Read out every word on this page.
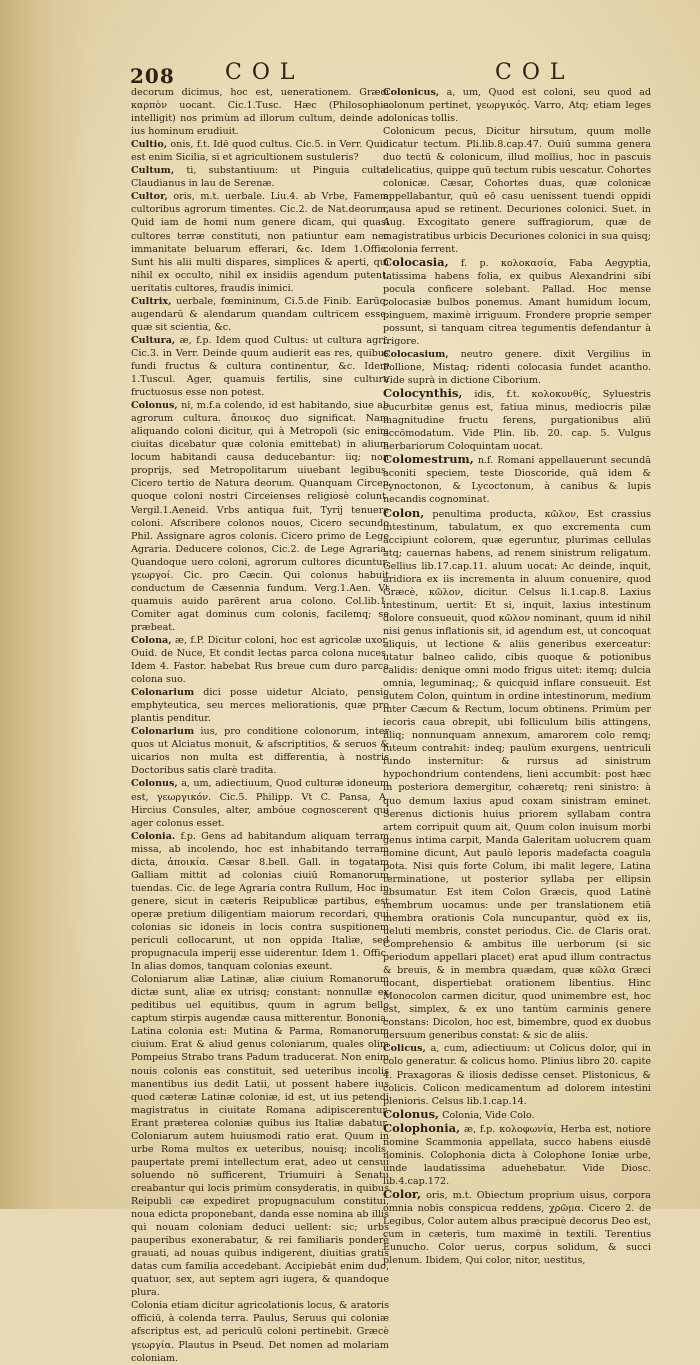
208 COL	COL

decorum dicimus, hoc est, uenerationem. Græci καρπὸν uocant. Cic.1.Tusc. Hæc (Philosophia intelligit) nos primùm ad illorum cultum, deinde ad ius hominum erudiuit.

Cultio, onis, f.t. Idē quod cultus. Cic.5. in Verr. Quid est enim Sicilia, si et agricultionem sustuleris?

Cultum, ti, substantiuum: ut Pinguia culta. Claudianus in lau de Serenæ.

Cultor, oris, m.t. uerbale. Liu.4. ab Vrbe, Famem cultoribus agrorum timentes. Cic.2. de Nat.deorum, Quid iam de homi num genere dicam, qui quasi cultores terræ constituti, non patiuntur eam nec immanitate beluarum efferari, &c. Idem 1.Offic. Sunt his alii multi dispares, simplices & aperti, qui nihil ex occulto, nihil ex insidiis agendum putent, ueritatis cultores, fraudis inimici.

Cultrix, uerbale, fœmininum, Ci.5.de Finib. Earūq; augendarū & alendarum quandam cultricem esse, quæ sit scientia, &c.

Cultura, æ, f.p. Idem quod Cultus: ut cultura agri. Cic.3. in Verr. Deinde quum audierit eas res, quibus fundi fructus & cultura continentur, &c. Idem 1.Tuscul. Ager, quamuis fertilis, sine cultura fructuosus esse non potest.

Colonus, ni, m.f.a colendo, id est habitando, siue ab agrorum cultura. ἄποικος duo significat. Nam aliquando coloni dicitur, qui à Metropoli (sic enim ciuitas dicebatur quæ colonia emittebat) in alium locum habitandi causa deducebantur: iiq; non proprijs, sed Metropolitarum uiuebant legibus. Cicero tertio de Natura deorum. Quanquam Circen quoque coloni nostri Circeienses religiosè colunt. Vergil.1.Aeneid. Vrbs antiqua fuit, Tyrij tenuere coloni. Afscribere colonos nouos, Cicero secundo Phil. Assignare agros colonis. Cicero primo de Lege Agraria. Deducere colonos, Cic.2. de Lege Agraria. Quandoque uero coloni, agrorum cultores dicuntur, γεωργοί. Cic. pro Cæcin. Qui colonus habuit conductum de Cæsennia fundum. Verg.1.Aen. Vt quamuis auido parērent arua colono. Col.lib.1. Comiter agat dominus cum colonis, facilemq; se præbeat.

Colona, æ, f.P. Dicitur coloni, hoc est agricolæ uxor. Ouid. de Nuce, Et condit lectas parca colona nuces. Idem 4. Fastor. habebat Rus breue cum duro parca colona suo.

Colonarium dici posse uidetur Alciato, pensio emphyteutica, seu merces meliorationis, quæ pro plantis penditur.

Colonarium ius, pro conditione colonorum, inter quos ut Alciatus monuit, & afscriptitios, & seruos & uicarios non multa est differentia, à nostris Doctoribus satis clarè tradita.

Colonus, a, um, adiectiuum, Quod culturæ idoneum est, γεωργικόν. Cic.5. Philipp. Vt C. Pansa, A. Hircius Consules, alter, ambóue cognoscerent qui ager colonus esset.

Colonia. f.p. Gens ad habitandum aliquam terram missa, ab incolendo, hoc est inhabitando terram dicta, ἀποικία. Cæsar 8.bell. Gall. in togatam Galliam mittit ad colonias ciuiū Romanorum tuendas. Cic. de lege Agraria contra Rullum, Hoc in genere, sicut in cæteris Reipublicæ partibus, est operæ pretium diligentiam maiorum recordari, qui colonias sic idoneis in locis contra suspitionem periculi collocarunt, ut non oppida Italiæ, sed propugnacula imperij esse uiderentur. Idem 1. Offic. In alias domos, tanquam colonias exeunt.

Coloniarum aliæ Latinæ, aliæ ciuium Romanorum dictæ sunt, aliæ ex utrisq; constant: nonnullæ ex peditibus uel equitibus, quum in agrum bello captum stirpis augendæ causa mitterentur. Bononia, Latina colonia est: Mutina & Parma, Romanorum ciuium. Erat & aliud genus coloniarum, quales olim Pompeius Strabo trans Padum traducerat. Non enim nouis colonis eas constituit, sed ueteribus incolis manentibus ius dedit Latii, ut possent habere ius quod cæteræ Latinæ coloniæ, id est, ut ius petendi magistratus in ciuitate Romana adipiscerentur. Erant præterea coloniæ quibus ius Italiæ dabatur. Coloniarum autem huiusmodi ratio erat. Quum in urbe Roma multos ex ueteribus, nouisq; incolis, paupertate premi intellectum erat, adeo ut censui soluendo nō sufficerent, Triumuiri à Senatu creabantur qui locis primùm consyderatis, in quibus Reipubli cæ expediret propugnaculum constitui, noua edicta proponebant, danda esse nomina ab illis qui nouam coloniam deduci uellent: sic; urbs pauperibus exonerabatur, & rei familiaris ponderè grauati, ad nouas quibus indigerent, diuitias gratis datas cum familia accedebant. Accipiebāt enim duo, quatuor, sex, aut septem agri iugera, & quandoque plura.

Colonia etiam dicitur agricolationis locus, & aratoris officiū, à colenda terra. Paulus, Seruus qui coloniæ afscriptus est, ad periculū coloni pertinebit. Græcè γεωργία. Plautus in Pseud. Det nomen ad molariam coloniam.

Colonicus, a, um, Quod est coloni, seu quod ad colonum pertinet, γεωργικός. Varro, Atq; etiam leges colonicas tollis.

Colonicum pecus, Dicitur hirsutum, quum molle dicatur tectum. Pli.lib.8.cap.47. Ouiū summa genera duo tectū & colonicum, illud mollius, hoc in pascuis delicatius, quippe quū tectum rubis uescatur. Cohortes colonicæ. Cæsar, Cohortes duas, quæ colonicæ appellabantur, quū eō casu uenissent tuendi oppidi causa apud se retinent. Decuriones colonici. Suet. in Aug. Excogitato genere suffragiorum, quæ de magistratibus urbicis Decuriones colonici in sua quisq; colonia ferrent.

Colocasia, f. p. κολοκασία, Faba Aegyptia, latissima habens folia, ex quibus Alexandrini sibi pocula conficere solebant. Pallad. Hoc mense colocasiæ bulbos ponemus. Amant humidum locum, pinguem, maximè irriguum. Frondere proprie semper possunt, si tanquam citrea tegumentis defendantur à frigore.

Colocasium, neutro genere. dixit Vergilius in Pollione, Mistaq; ridenti colocasia fundet acantho. Vide suprà in dictione Ciborium.

Colocynthis, idis, f.t. κολοκυνθίς, Syluestris cucurbitæ genus est, fatiua minus, mediocris pilæ magnitudine fructu ferens, purgationibus aliū accōmodatum. Vide Plin. lib. 20. cap. 5. Vulgus herbariorum Coloquintam uocat.

Colomestrum, n.f. Romani appellauerunt secundā aconiti speciem, teste Dioscoride, quā idem & cynoctonon, & Lycoctonum, à canibus & lupis necandis cognominat.

Colon, penultima producta, κῶλον, Est crassius intestinum, tabulatum, ex quo excrementa cum accipiunt colorem, quæ egeruntur, plurimas cellulas atq; cauernas habens, ad renem sinistrum religatum. Gellius lib.17.cap.11. aluum uocat: Ac deinde, inquit, aridiora ex iis incrementa in aluum conuenire, quod Græcè, κῶλον, dicitur. Celsus li.1.cap.8. Laxius intestinum, uertit: Et si, inquit, laxius intestinum dolore consueuit, quod κῶλον nominant, quum id nihil nisi genus inflationis sit, id agendum est, ut concoquat aliquis, ut lectione & aliis generibus exerceatur: utatur balneo calido, cibis quoque & potionibus calidis: denique omni modo frigus uitet: itemq; dulcia omnia, leguminaq;, & quicquid inflare consueuit. Est autem Colon, quintum in ordine intestinorum, medium inter Cæcum & Rectum, locum obtinens. Primùm per iecoris caua obrepit, ubi folliculum bilis attingens, illiq; nonnunquam annexum, amarorem colo remq; luteum contrahit: indeq; paulùm exurgens, uentriculi fundo insternitur: & rursus ad sinistrum hypochondrium contendens, lieni accumbit: post hæc in posteriora demergitur, cohæretq; reni sinistro: à quo demum laxius apud coxam sinistram eminet. Serenus dictionis huius priorem syllabam contra artem corripuit quum ait, Quum colon inuisum morbi genus intima carpit, Manda Galeritam uolucrem quam nomine dicunt, Aut paulò leporis madefacta coagula pota. Nisi quis forte Colum, ibi malit legere, Latina terminatione, ut posterior syllaba per ellipsin absumatur. Est item Colon Græcis, quod Latinè membrum uocamus: unde per translationem etiā membra orationis Cola nuncupantur, quòd ex iis, ueluti membris, constet periodus. Cic. de Claris orat. Comprehensio & ambitus ille uerborum (si sic periodum appellari placet) erat apud illum contractus & breuis, & in membra quædam, quæ κῶλα Græci uocant, dispertiebat orationem libentius. Hinc Monocolon carmen dicitur, quod unimembre est, hoc est, simplex, & ex uno tantùm carminis genere constans: Dicolon, hoc est, bimembre, quod ex duobus uersuum generibus constat: & sic de aliis.

Colicus, a, cum, adiectiuum: ut Colicus dolor, qui in colo generatur. & colicus homo. Plinius libro 20. capite 4. Praxagoras & iliosis dedisse censet. Plistonicus, & colicis. Colicon medicamentum ad dolorem intestini plenioris. Celsus lib.1.cap.14.

Colonus, Colonia, Vide Colo.

Colophonia, æ, f.p. κολοφωνία, Herba est, notiore nomine Scammonia appellata, succo habens eiusdē nominis. Colophonia dicta à Colophone Ioniæ urbe, unde laudatissima aduehebatur. Vide Diosc. lib.4.cap.172.

Color, oris, m.t. Obiectum proprium uisus, corpora omnia nobis conspicua reddens, χρῶμα. Cicero 2. de Legibus, Color autem albus præcipuè decorus Deo est, cum in cæteris, tum maximè in textili. Terentius Eunucho. Color uerus, corpus solidum, & succi plenum. Ibidem, Qui color, nitor, uestitus,
